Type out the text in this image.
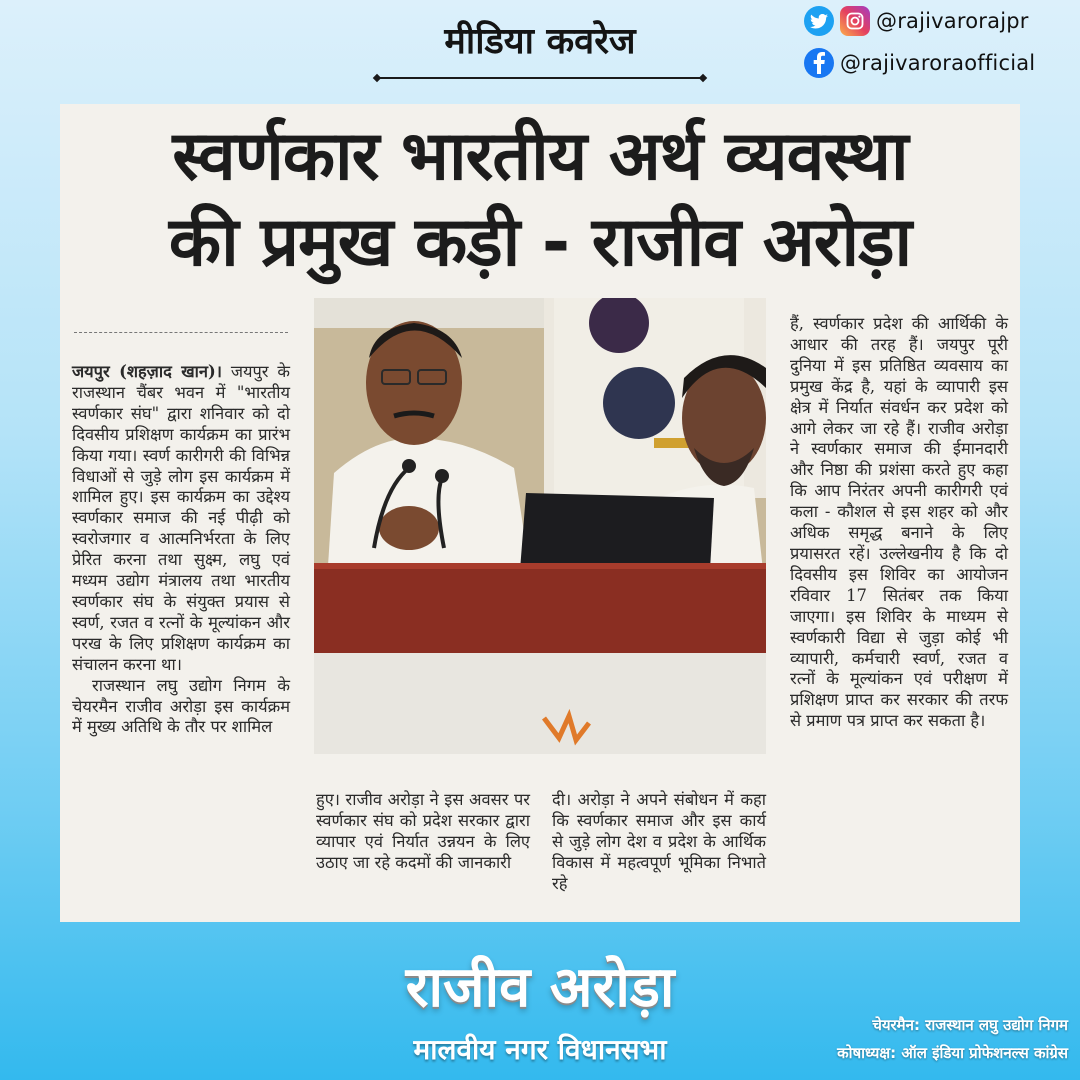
मीडिया कवरेज	@rajivarorajpr
@rajivaroraofficial
स्वर्णकार भारतीय अर्थ व्यवस्था
की प्रमुख कड़ी - राजीव अरोड़ा

जयपुर (शहज़ाद खान)। जयपुर के राजस्थान चैंबर भवन में "भारतीय स्वर्णकार संघ" द्वारा शनिवार को दो दिवसीय प्रशिक्षण कार्यक्रम का प्रारंभ किया गया। स्वर्ण कारीगरी की विभिन्न विधाओं से जुड़े लोग इस कार्यक्रम में शामिल हुए। इस कार्यक्रम का उद्देश्य स्वर्णकार समाज की नई पीढ़ी को स्वरोजगार व आत्मनिर्भरता के लिए प्रेरित करना तथा सुक्ष्म, लघु एवं मध्यम उद्योग मंत्रालय तथा भारतीय स्वर्णकार संघ के संयुक्त प्रयास से स्वर्ण, रजत व रत्नों के मूल्यांकन और परख के लिए प्रशिक्षण कार्यक्रम का संचालन करना था।

राजस्थान लघु उद्योग निगम के चेयरमैन राजीव अरोड़ा इस कार्यक्रम में मुख्य अतिथि के तौर पर शामिल

हुए। राजीव अरोड़ा ने इस अवसर पर स्वर्णकार संघ को प्रदेश सरकार द्वारा व्यापार एवं निर्यात उन्नयन के लिए उठाए जा रहे कदमों की जानकारी
दी। अरोड़ा ने अपने संबोधन में कहा कि स्वर्णकार समाज और इस कार्य से जुड़े लोग देश व प्रदेश के आर्थिक विकास में महत्वपूर्ण भूमिका निभाते रहे
हैं, स्वर्णकार प्रदेश की आर्थिकी के आधार की तरह हैं। जयपुर पूरी दुनिया में इस प्रतिष्ठित व्यवसाय का प्रमुख केंद्र है, यहां के व्यापारी इस क्षेत्र में निर्यात संवर्धन कर प्रदेश को आगे लेकर जा रहे हैं। राजीव अरोड़ा ने स्वर्णकार समाज की ईमानदारी और निष्ठा की प्रशंसा करते हुए कहा कि आप निरंतर अपनी कारीगरी एवं कला - कौशल से इस शहर को और अधिक समृद्ध बनाने के लिए प्रयासरत रहें। उल्लेखनीय है कि दो दिवसीय इस शिविर का आयोजन रविवार 17 सितंबर तक किया जाएगा। इस शिविर के माध्यम से स्वर्णकारी विद्या से जुड़ा कोई भी व्यापारी, कर्मचारी स्वर्ण, रजत व रत्नों के मूल्यांकन एवं परीक्षण में प्रशिक्षण प्राप्त कर सरकार की तरफ से प्रमाण पत्र प्राप्त कर सकता है।
राजीव अरोड़ा
मालवीय नगर विधानसभा
चेयरमैन: राजस्थान लघु उद्योग निगम
कोषाध्यक्ष: ऑल इंडिया प्रोफेशनल्स कांग्रेस
